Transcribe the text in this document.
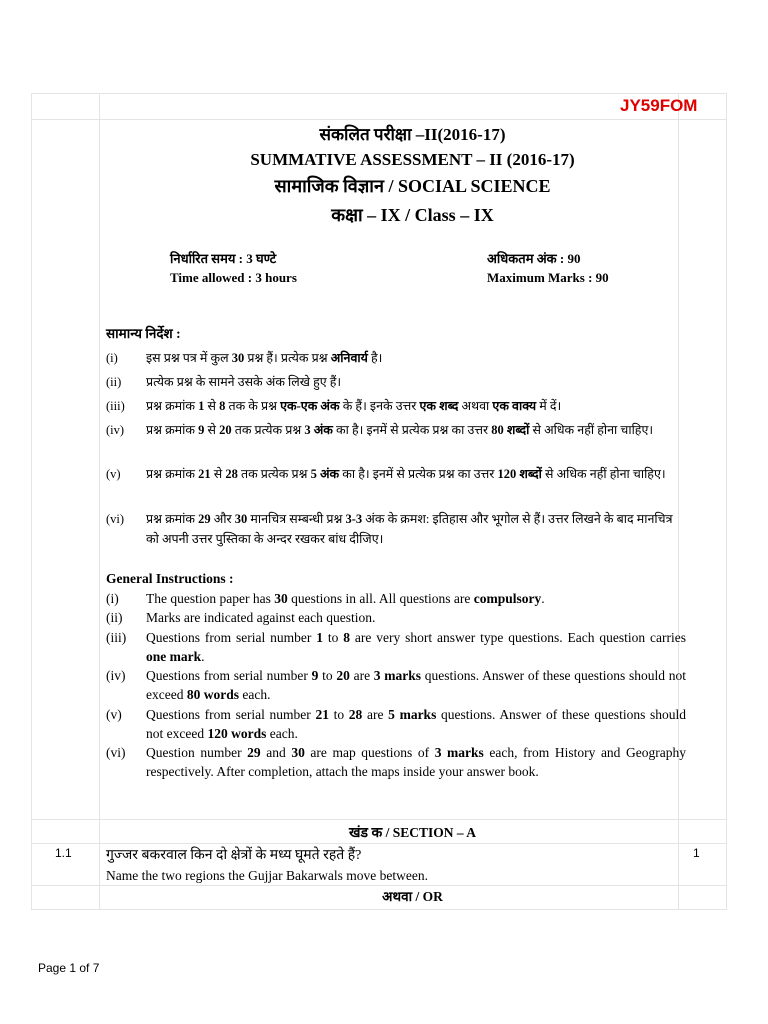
JY59FOM
संकलित परीक्षा –II(2016-17)
SUMMATIVE ASSESSMENT – II (2016-17)
सामाजिक विज्ञान / SOCIAL SCIENCE
कक्षा – IX / Class – IX
निर्धारित समय : 3 घण्टे
Time allowed : 3 hours
अधिकतम अंक : 90
Maximum Marks : 90
सामान्य निर्देश :
(i)	इस प्रश्न पत्र में कुल 30 प्रश्न हैं। प्रत्येक प्रश्न अनिवार्य है।
(ii)	प्रत्येक प्रश्न के सामने उसके अंक लिखे हुए हैं।
(iii)	प्रश्न क्रमांक 1 से 8 तक के प्रश्न एक-एक अंक के हैं। इनके उत्तर एक शब्द अथवा एक वाक्य में दें।
(iv)	प्रश्न क्रमांक 9 से 20 तक प्रत्येक प्रश्न 3 अंक का है। इनमें से प्रत्येक प्रश्न का उत्तर 80 शब्दों से अधिक नहीं होना चाहिए।
(v)	प्रश्न क्रमांक 21 से 28 तक प्रत्येक प्रश्न 5 अंक का है। इनमें से प्रत्येक प्रश्न का उत्तर 120 शब्दों से अधिक नहीं होना चाहिए।
(vi)	प्रश्न क्रमांक 29 और 30 मानचित्र सम्बन्धी प्रश्न 3-3 अंक के क्रमश: इतिहास और भूगोल से हैं। उत्तर लिखने के बाद मानचित्र को अपनी उत्तर पुस्तिका के अन्दर रखकर बांध दीजिए।
General Instructions :
(i)	The question paper has 30 questions in all. All questions are compulsory.
(ii)	Marks are indicated against each question.
(iii)	Questions from serial number 1 to 8 are very short answer type questions. Each question carries one mark.
(iv)	Questions from serial number 9 to 20 are 3 marks questions. Answer of these questions should not exceed 80 words each.
(v)	Questions from serial number 21 to 28 are 5 marks questions. Answer of these questions should not exceed 120 words each.
(vi)	Question number 29 and 30 are map questions of 3 marks each, from History and Geography respectively. After completion, attach the maps inside your answer book.
खंड क / SECTION – A
1.1 गुज्जर बकरवाल किन दो क्षेत्रों के मध्य घूमते रहते हैं?
Name the two regions the Gujjar Bakarwals move between.
1
अथवा / OR
Page 1 of 7
